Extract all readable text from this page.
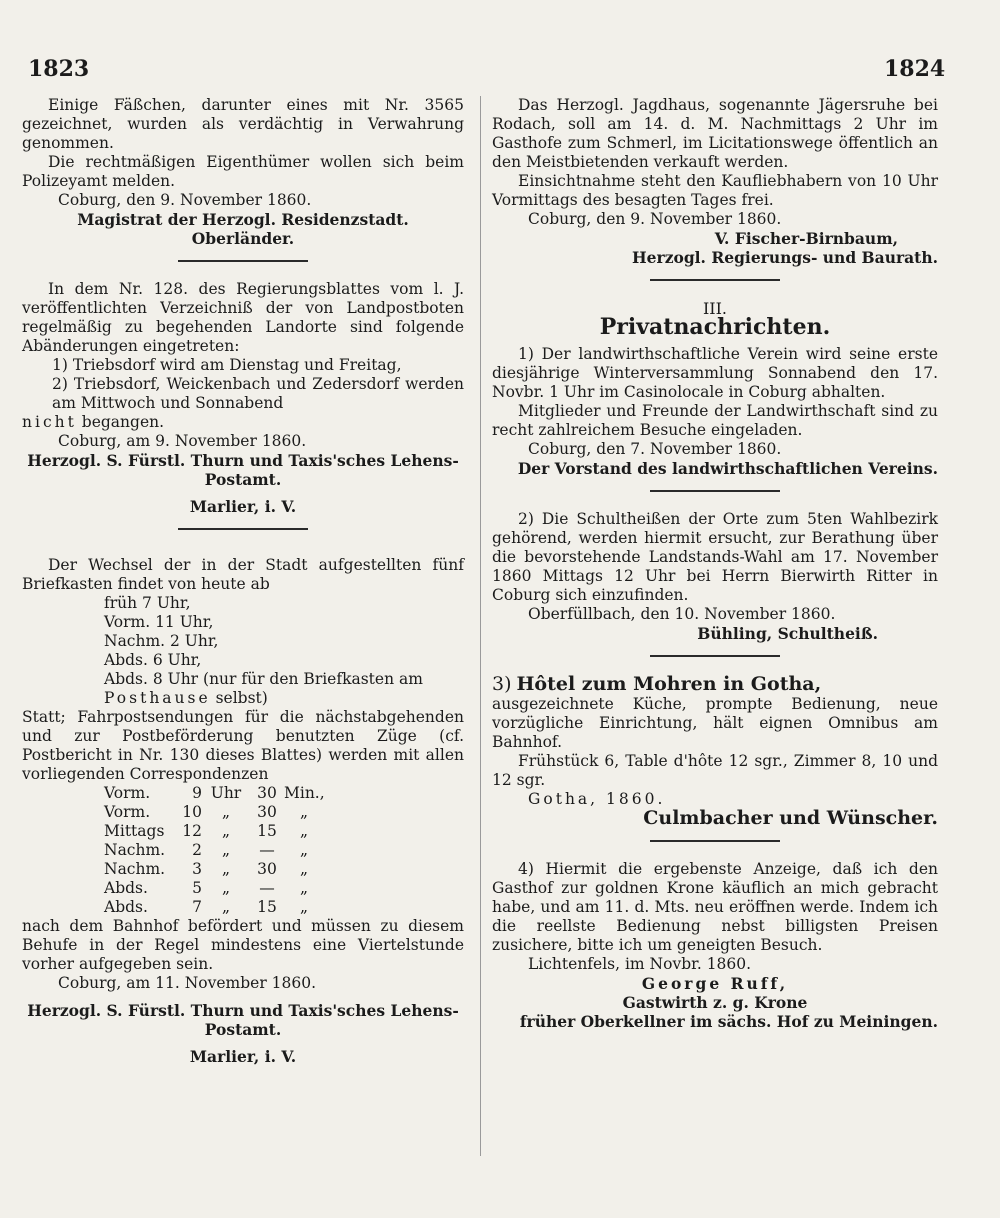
1823	1824

Einige Fäßchen, darunter eines mit Nr. 3565 gezeichnet, wurden als verdächtig in Verwahrung genommen.

Die rechtmäßigen Eigenthümer wollen sich beim Polizeyamt melden.

Coburg, den 9. November 1860.

Magistrat der Herzogl. Residenzstadt.

Oberländer.

In dem Nr. 128. des Regierungsblattes vom l. J. veröffentlichten Verzeichniß der von Landpostboten regelmäßig zu begehenden Landorte sind folgende Abänderungen eingetreten:

1) Triebsdorf wird am Dienstag und Freitag,

2) Triebsdorf, Weickenbach und Zedersdorf werden am Mittwoch und Sonnabend

nicht begangen.

Coburg, am 9. November 1860.

Herzogl. S. Fürstl. Thurn und Taxis'sches Lehens-

Postamt.

Marlier, i. V.

Der Wechsel der in der Stadt aufgestellten fünf Briefkasten findet von heute ab

früh 7 Uhr,

Vorm. 11 Uhr,

Nachm. 2 Uhr,

Abds. 6 Uhr,

Abds. 8 Uhr (nur für den Briefkasten am

Posthause selbst)

Statt; Fahrpostsendungen für die nächstabgehenden und zur Postbeförderung benutzten Züge (cf. Postbericht in Nr. 130 dieses Blattes) werden mit allen vorliegenden Correspondenzen

Vorm.	9 Uhr	30 Min.,
Vorm.	10	„	30	„
Mittags	12	„	15	„
Nachm.	2	„	—	„
Nachm.	3	„	30	„
Abds.	5	„	—	„
Abds.	7	„	15	„

nach dem Bahnhof befördert und müssen zu diesem Behufe in der Regel mindestens eine Viertelstunde vorher aufgegeben sein.

Coburg, am 11. November 1860.

Herzogl. S. Fürstl. Thurn und Taxis'sches Lehens-

Postamt.

Marlier, i. V.

Das Herzogl. Jagdhaus, sogenannte Jägersruhe bei Rodach, soll am 14. d. M. Nachmittags 2 Uhr im Gasthofe zum Schmerl, im Licitationswege öffentlich an den Meistbietenden verkauft werden.

Einsichtnahme steht den Kaufliebhabern von 10 Uhr Vormittags des besagten Tages frei.

Coburg, den 9. November 1860.

V. Fischer-Birnbaum,

Herzogl. Regierungs- und Baurath.

III.
Privatnachrichten.

1) Der landwirthschaftliche Verein wird seine erste diesjährige Winterversammlung Sonnabend den 17. Novbr. 1 Uhr im Casinolocale in Coburg abhalten.

Mitglieder und Freunde der Landwirthschaft sind zu recht zahlreichem Besuche eingeladen.

Coburg, den 7. November 1860.

Der Vorstand des landwirthschaftlichen Vereins.

2) Die Schultheißen der Orte zum 5ten Wahlbezirk gehörend, werden hiermit ersucht, zur Berathung über die bevorstehende Landstands-Wahl am 17. November 1860 Mittags 12 Uhr bei Herrn Bierwirth Ritter in Coburg sich einzufinden.

Oberfüllbach, den 10. November 1860.

Bühling, Schultheiß.

3) Hôtel zum Mohren in Gotha,

ausgezeichnete Küche, prompte Bedienung, neue vorzügliche Einrichtung, hält eignen Omnibus am Bahnhof.

Frühstück 6, Table d'hôte 12 sgr., Zimmer 8, 10 und 12 sgr.

Gotha, 1860.

Culmbacher und Wünscher.

4) Hiermit die ergebenste Anzeige, daß ich den Gasthof zur goldnen Krone käuflich an mich gebracht habe, und am 11. d. Mts. neu eröffnen werde. Indem ich die reellste Bedienung nebst billigsten Preisen zusichere, bitte ich um geneigten Besuch.

Lichtenfels, im Novbr. 1860.

George Ruff,

Gastwirth z. g. Krone

früher Oberkellner im sächs. Hof zu Meiningen.
